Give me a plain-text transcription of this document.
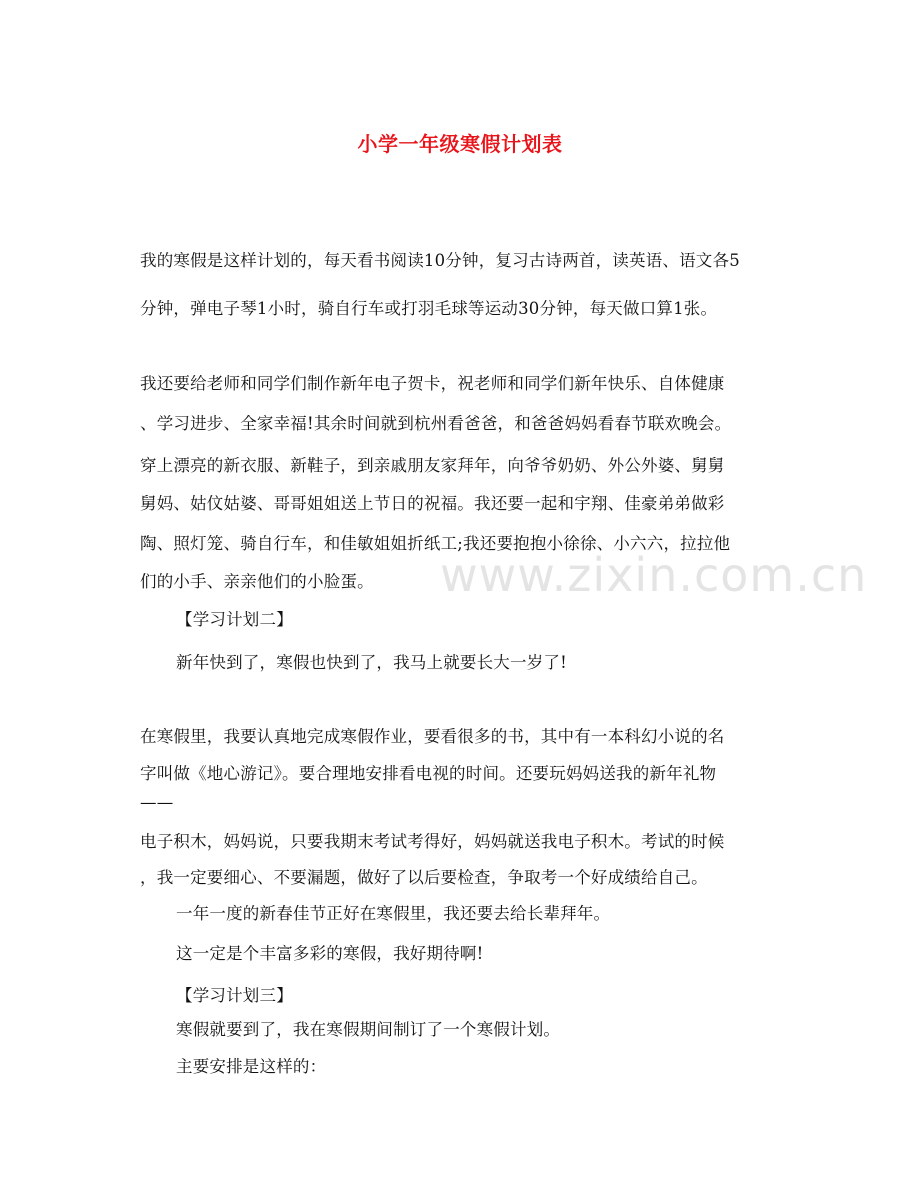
小学一年级寒假计划表
我的寒假是这样计划的，每天看书阅读10分钟，复习古诗两首，读英语、语文各5
分钟，弹电子琴1小时，骑自行车或打羽毛球等运动30分钟，每天做口算1张。
我还要给老师和同学们制作新年电子贺卡，祝老师和同学们新年快乐、自体健康
、学习进步、全家幸福!其余时间就到杭州看爸爸，和爸爸妈妈看春节联欢晚会。
穿上漂亮的新衣服、新鞋子，到亲戚朋友家拜年，向爷爷奶奶、外公外婆、舅舅
舅妈、姑伩姑婆、哥哥姐姐送上节日的祝福。我还要一起和宇翔、佳豪弟弟做彩
陶、照灯笼、骑自行车，和佳敏姐姐折纸工;我还要抱抱小徐徐、小六六，拉拉他
们的小手、亲亲他们的小脸蛋。
【学习计划二】
新年快到了，寒假也快到了，我马上就要长大一岁了!
在寒假里，我要认真地完成寒假作业，要看很多的书，其中有一本科幻小说的名
字叫做《地心游记》。要合理地安排看电视的时间。还要玩妈妈送我的新年礼物
——
电子积木，妈妈说，只要我期末考试考得好，妈妈就送我电子积木。考试的时候
，我一定要细心、不要漏题，做好了以后要检查，争取考一个好成绩给自己。
一年一度的新春佳节正好在寒假里，我还要去给长辈拜年。
这一定是个丰富多彩的寒假，我好期待啊!
【学习计划三】
寒假就要到了，我在寒假期间制订了一个寒假计划。
主要安排是这样的：
www.zixin.com.cn
